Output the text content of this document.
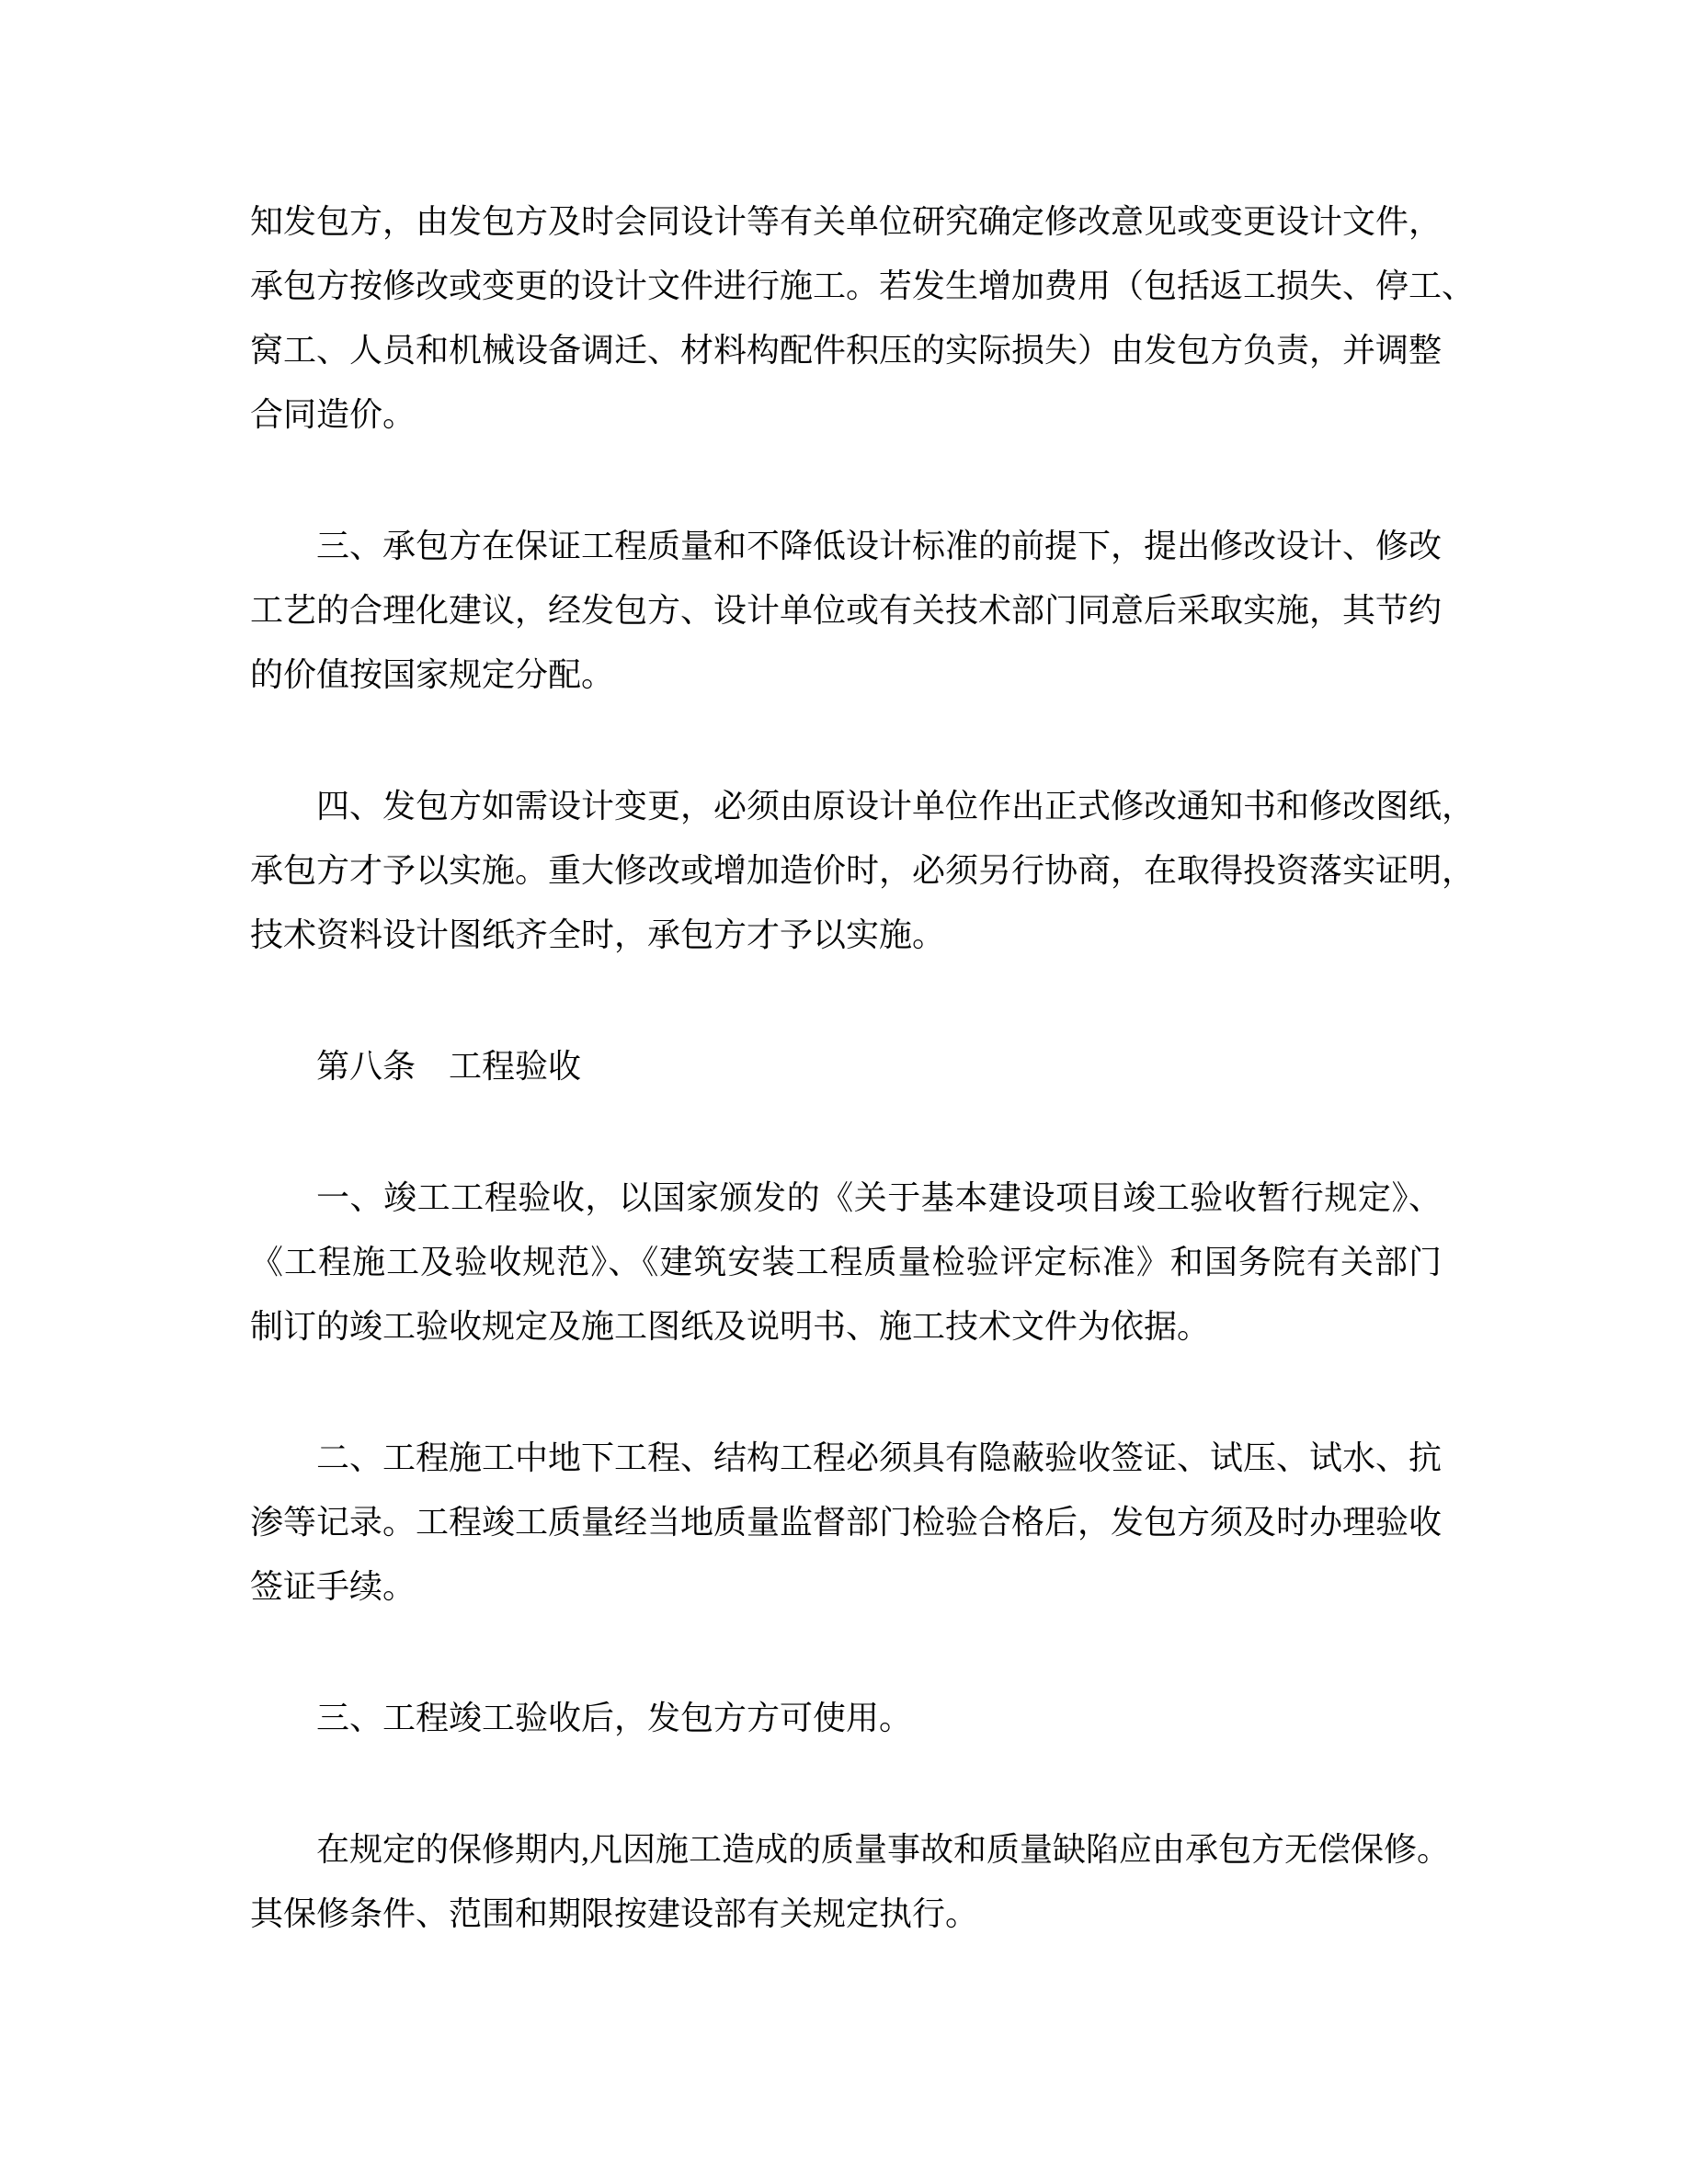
知发包方，由发包方及时会同设计等有关单位研究确定修改意见或变更设计文件，
承包方按修改或变更的设计文件进行施工。若发生增加费用（包括返工损失、停工、
窝工、人员和机械设备调迁、材料构配件积压的实际损失）由发包方负责，并调整
合同造价。
三、承包方在保证工程质量和不降低设计标准的前提下，提出修改设计、修改
工艺的合理化建议，经发包方、设计单位或有关技术部门同意后采取实施，其节约
的价值按国家规定分配。
四、发包方如需设计变更，必须由原设计单位作出正式修改通知书和修改图纸，
承包方才予以实施。重大修改或增加造价时，必须另行协商，在取得投资落实证明，
技术资料设计图纸齐全时，承包方才予以实施。
第八条　工程验收
一、竣工工程验收，以国家颁发的《关于基本建设项目竣工验收暂行规定》、
《工程施工及验收规范》、《建筑安装工程质量检验评定标准》和国务院有关部门
制订的竣工验收规定及施工图纸及说明书、施工技术文件为依据。
二、工程施工中地下工程、结构工程必须具有隐蔽验收签证、试压、试水、抗
渗等记录。工程竣工质量经当地质量监督部门检验合格后，发包方须及时办理验收
签证手续。
三、工程竣工验收后，发包方方可使用。
在规定的保修期内,凡因施工造成的质量事故和质量缺陷应由承包方无偿保修。
其保修条件、范围和期限按建设部有关规定执行。
